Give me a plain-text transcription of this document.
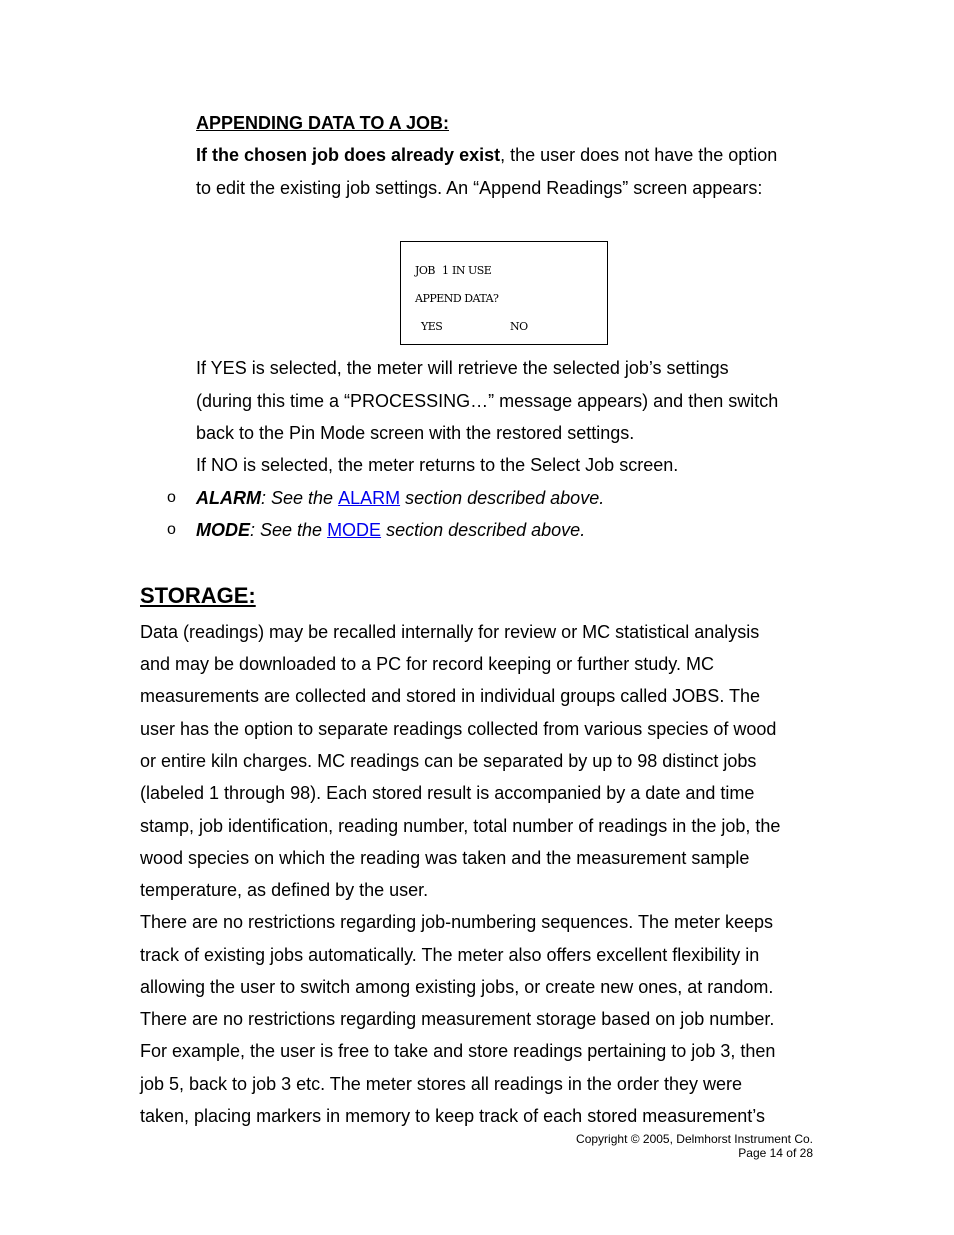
APPENDING DATA TO A JOB:
If the chosen job does already exist, the user does not have the option
to edit the existing job settings. An “Append Readings” screen appears:
JOB 1 IN USE
APPEND DATA?
YES	NO
If YES is selected, the meter will retrieve the selected job’s settings
(during this time a “PROCESSING…” message appears) and then switch
back to the Pin Mode screen with the restored settings.
If NO is selected, the meter returns to the Select Job screen.
o ALARM: See the ALARM section described above.
o MODE: See the MODE section described above.
STORAGE:
Data (readings) may be recalled internally for review or MC statistical analysis
and may be downloaded to a PC for record keeping or further study. MC
measurements are collected and stored in individual groups called JOBS. The
user has the option to separate readings collected from various species of wood
or entire kiln charges. MC readings can be separated by up to 98 distinct jobs
(labeled 1 through 98). Each stored result is accompanied by a date and time
stamp, job identification, reading number, total number of readings in the job, the
wood species on which the reading was taken and the measurement sample
temperature, as defined by the user.
There are no restrictions regarding job-numbering sequences. The meter keeps
track of existing jobs automatically. The meter also offers excellent flexibility in
allowing the user to switch among existing jobs, or create new ones, at random.
There are no restrictions regarding measurement storage based on job number.
For example, the user is free to take and store readings pertaining to job 3, then
job 5, back to job 3 etc. The meter stores all readings in the order they were
taken, placing markers in memory to keep track of each stored measurement’s
Copyright © 2005, Delmhorst Instrument Co.
Page 14 of 28
